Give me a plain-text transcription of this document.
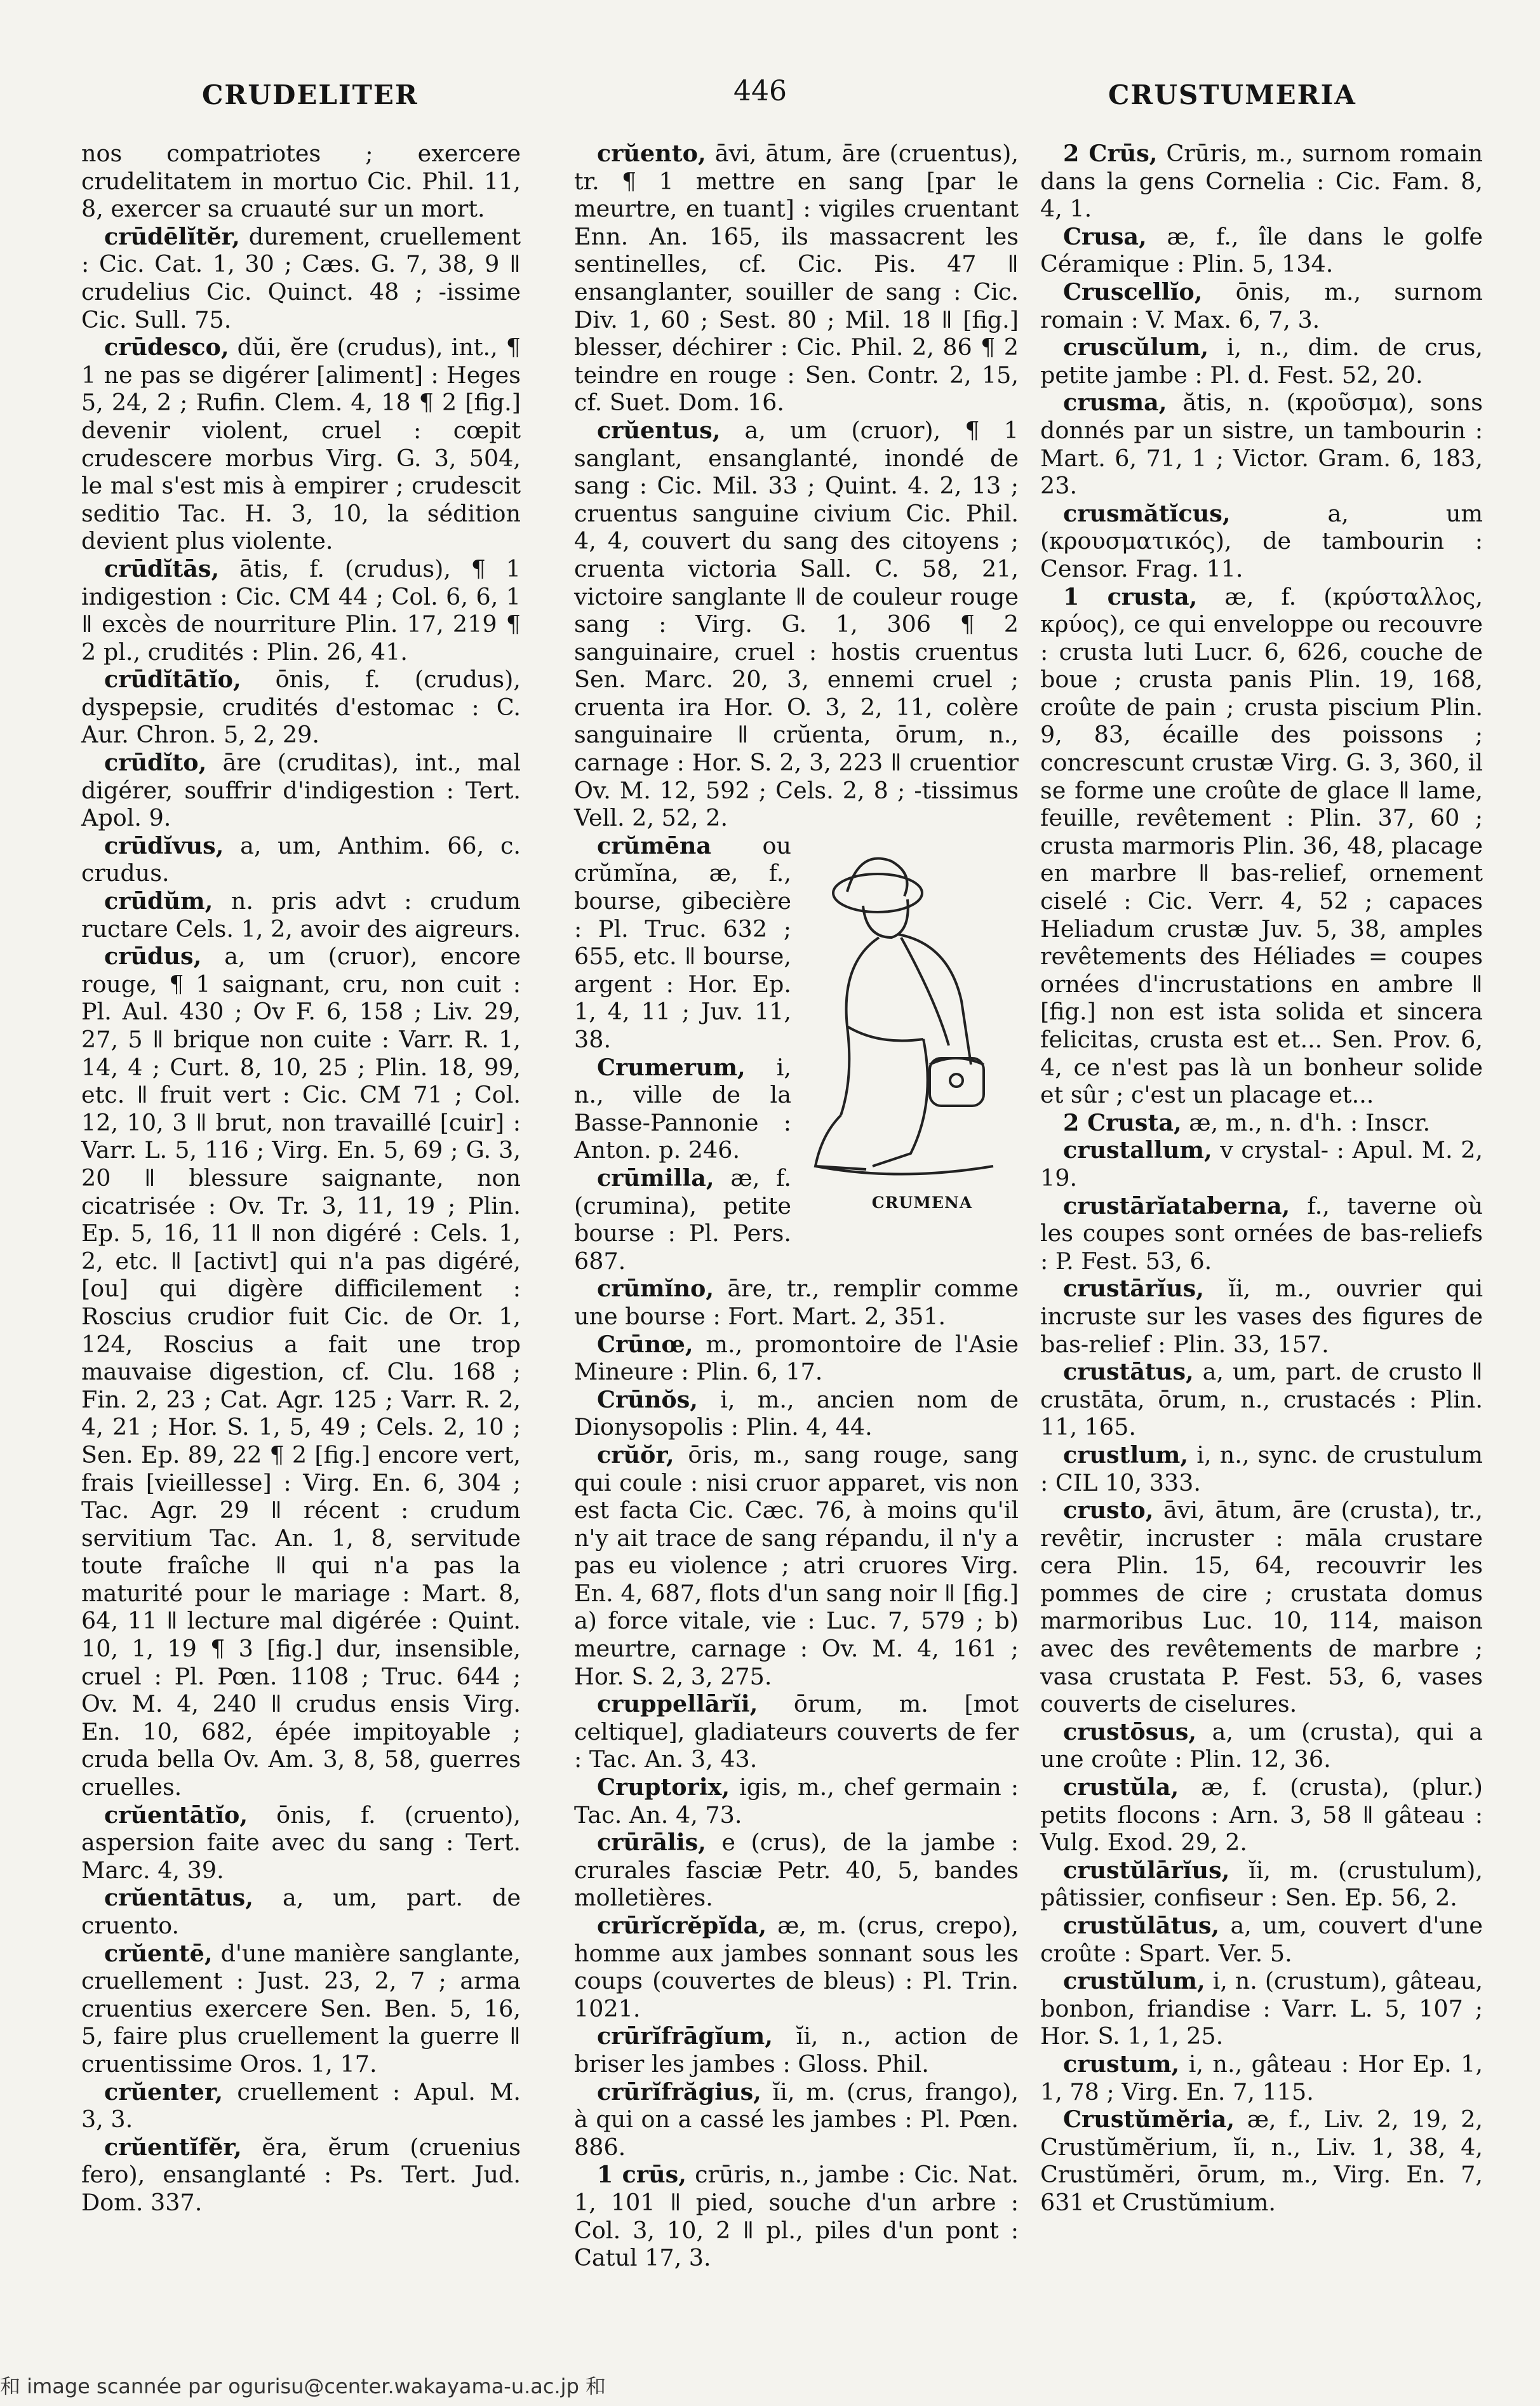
CRUDELITER	446	CRUSTUMERIA

nos compatriotes ; exercere crudelitatem in mortuo Cic. Phil. 11, 8, exercer sa cruauté sur un mort.

crūdēlĭtĕr, durement, cruellement : Cic. Cat. 1, 30 ; Cæs. G. 7, 38, 9 ǁ crudelius Cic. Quinct. 48 ; -issime Cic. Sull. 75.

crūdesco, dŭi, ĕre (crudus), int., ¶ 1 ne pas se digérer [aliment] : Heges 5, 24, 2 ; Rufin. Clem. 4, 18 ¶ 2 [fig.] devenir violent, cruel : cœpit crudescere morbus Virg. G. 3, 504, le mal s'est mis à empirer ; crudescit seditio Tac. H. 3, 10, la sédition devient plus violente.

crūdĭtās, ātis, f. (crudus), ¶ 1 indigestion : Cic. CM 44 ; Col. 6, 6, 1 ǁ excès de nourriture Plin. 17, 219 ¶ 2 pl., crudités : Plin. 26, 41.

crūdĭtātĭo, ōnis, f. (crudus), dyspepsie, crudités d'estomac : C. Aur. Chron. 5, 2, 29.

crūdĭto, āre (cruditas), int., mal digérer, souffrir d'indigestion : Tert. Apol. 9.

crūdĭvus, a, um, Anthim. 66, c. crudus.

crūdŭm, n. pris advt : crudum ructare Cels. 1, 2, avoir des aigreurs.

crūdus, a, um (cruor), encore rouge, ¶ 1 saignant, cru, non cuit : Pl. Aul. 430 ; Ov F. 6, 158 ; Liv. 29, 27, 5 ǁ brique non cuite : Varr. R. 1, 14, 4 ; Curt. 8, 10, 25 ; Plin. 18, 99, etc. ǁ fruit vert : Cic. CM 71 ; Col. 12, 10, 3 ǁ brut, non travaillé [cuir] : Varr. L. 5, 116 ; Virg. En. 5, 69 ; G. 3, 20 ǁ blessure saignante, non cicatrisée : Ov. Tr. 3, 11, 19 ; Plin. Ep. 5, 16, 11 ǁ non digéré : Cels. 1, 2, etc. ǁ [activt] qui n'a pas digéré, [ou] qui digère difficilement : Roscius crudior fuit Cic. de Or. 1, 124, Roscius a fait une trop mauvaise digestion, cf. Clu. 168 ; Fin. 2, 23 ; Cat. Agr. 125 ; Varr. R. 2, 4, 21 ; Hor. S. 1, 5, 49 ; Cels. 2, 10 ; Sen. Ep. 89, 22 ¶ 2 [fig.] encore vert, frais [vieillesse] : Virg. En. 6, 304 ; Tac. Agr. 29 ǁ récent : crudum servitium Tac. An. 1, 8, servitude toute fraîche ǁ qui n'a pas la maturité pour le mariage : Mart. 8, 64, 11 ǁ lecture mal digérée : Quint. 10, 1, 19 ¶ 3 [fig.] dur, insensible, cruel : Pl. Pœn. 1108 ; Truc. 644 ; Ov. M. 4, 240 ǁ crudus ensis Virg. En. 10, 682, épée impitoyable ; cruda bella Ov. Am. 3, 8, 58, guerres cruelles.

crŭentātĭo, ōnis, f. (cruento), aspersion faite avec du sang : Tert. Marc. 4, 39.

crŭentātus, a, um, part. de cruento.

crŭentē, d'une manière sanglante, cruellement : Just. 23, 2, 7 ; arma cruentius exercere Sen. Ben. 5, 16, 5, faire plus cruellement la guerre ǁ cruentissime Oros. 1, 17.

crŭenter, cruellement : Apul. M. 3, 3.

crŭentĭfĕr, ĕra, ĕrum (cruenius fero), ensanglanté : Ps. Tert. Jud. Dom. 337.

crŭento, āvi, ātum, āre (cruentus), tr. ¶ 1 mettre en sang [par le meurtre, en tuant] : vigiles cruentant Enn. An. 165, ils massacrent les sentinelles, cf. Cic. Pis. 47 ǁ ensanglanter, souiller de sang : Cic. Div. 1, 60 ; Sest. 80 ; Mil. 18 ǁ [fig.] blesser, déchirer : Cic. Phil. 2, 86 ¶ 2 teindre en rouge : Sen. Contr. 2, 15, cf. Suet. Dom. 16.

crŭentus, a, um (cruor), ¶ 1 sanglant, ensanglanté, inondé de sang : Cic. Mil. 33 ; Quint. 4. 2, 13 ; cruentus sanguine civium Cic. Phil. 4, 4, couvert du sang des citoyens ; cruenta victoria Sall. C. 58, 21, victoire sanglante ǁ de couleur rouge sang : Virg. G. 1, 306 ¶ 2 sanguinaire, cruel : hostis cruentus Sen. Marc. 20, 3, ennemi cruel ; cruenta ira Hor. O. 3, 2, 11, colère sanguinaire ǁ crŭenta, ōrum, n., carnage : Hor. S. 2, 3, 223 ǁ cruentior Ov. M. 12, 592 ; Cels. 2, 8 ; -tissimus Vell. 2, 52, 2.

CRUMENA
crŭmēna ou crŭmĭna, æ, f., bourse, gibecière : Pl. Truc. 632 ; 655, etc. ǁ bourse, argent : Hor. Ep. 1, 4, 11 ; Juv. 11, 38.

Crumerum, i, n., ville de la Basse-Pannonie : Anton. p. 246.

crūmilla, æ, f. (crumina), petite bourse : Pl. Pers. 687.

crūmĭno, āre, tr., remplir comme une bourse : Fort. Mart. 2, 351.

Crūnœ, m., promontoire de l'Asie Mineure : Plin. 6, 17.

Crūnŏs, i, m., ancien nom de Dionysopolis : Plin. 4, 44.

crŭŏr, ōris, m., sang rouge, sang qui coule : nisi cruor apparet, vis non est facta Cic. Cæc. 76, à moins qu'il n'y ait trace de sang répandu, il n'y a pas eu violence ; atri cruores Virg. En. 4, 687, flots d'un sang noir ǁ [fig.] a) force vitale, vie : Luc. 7, 579 ; b) meurtre, carnage : Ov. M. 4, 161 ; Hor. S. 2, 3, 275.

cruppellārĭi, ōrum, m. [mot celtique], gladiateurs couverts de fer : Tac. An. 3, 43.

Cruptorix, igis, m., chef germain : Tac. An. 4, 73.

crūrālis, e (crus), de la jambe : crurales fasciæ Petr. 40, 5, bandes molletières.

crūrĭcrĕpĭda, æ, m. (crus, crepo), homme aux jambes sonnant sous les coups (couvertes de bleus) : Pl. Trin. 1021.

crūrĭfrāgĭum, ĭi, n., action de briser les jambes : Gloss. Phil.

crūrĭfrăgius, ĭi, m. (crus, frango), à qui on a cassé les jambes : Pl. Pœn. 886.

1 crūs, crūris, n., jambe : Cic. Nat. 1, 101 ǁ pied, souche d'un arbre : Col. 3, 10, 2 ǁ pl., piles d'un pont : Catul 17, 3.

2 Crūs, Crūris, m., surnom romain dans la gens Cornelia : Cic. Fam. 8, 4, 1.

Crusa, æ, f., île dans le golfe Céramique : Plin. 5, 134.

Cruscellĭo, ōnis, m., surnom romain : V. Max. 6, 7, 3.

cruscŭlum, i, n., dim. de crus, petite jambe : Pl. d. Fest. 52, 20.

crusma, ătis, n. (κροῦσμα), sons donnés par un sistre, un tambourin : Mart. 6, 71, 1 ; Victor. Gram. 6, 183, 23.

crusmătĭcus, a, um (κρουσματικός), de tambourin : Censor. Frag. 11.

1 crusta, æ, f. (κρύσταλλος, κρύος), ce qui enveloppe ou recouvre : crusta luti Lucr. 6, 626, couche de boue ; crusta panis Plin. 19, 168, croûte de pain ; crusta piscium Plin. 9, 83, écaille des poissons ; concrescunt crustæ Virg. G. 3, 360, il se forme une croûte de glace ǁ lame, feuille, revêtement : Plin. 37, 60 ; crusta marmoris Plin. 36, 48, placage en marbre ǁ bas-relief, ornement ciselé : Cic. Verr. 4, 52 ; capaces Heliadum crustæ Juv. 5, 38, amples revêtements des Héliades = coupes ornées d'incrustations en ambre ǁ [fig.] non est ista solida et sincera felicitas, crusta est et... Sen. Prov. 6, 4, ce n'est pas là un bonheur solide et sûr ; c'est un placage et...

2 Crusta, æ, m., n. d'h. : Inscr.

crustallum, v crystal- : Apul. M. 2, 19.

crustārĭataberna, f., taverne où les coupes sont ornées de bas-reliefs : P. Fest. 53, 6.

crustārĭus, ĭi, m., ouvrier qui incruste sur les vases des figures de bas-relief : Plin. 33, 157.

crustātus, a, um, part. de crusto ǁ crustāta, ōrum, n., crustacés : Plin. 11, 165.

crustlum, i, n., sync. de crustulum : CIL 10, 333.

crusto, āvi, ātum, āre (crusta), tr., revêtir, incruster : māla crustare cera Plin. 15, 64, recouvrir les pommes de cire ; crustata domus marmoribus Luc. 10, 114, maison avec des revêtements de marbre ; vasa crustata P. Fest. 53, 6, vases couverts de ciselures.

crustōsus, a, um (crusta), qui a une croûte : Plin. 12, 36.

crustŭla, æ, f. (crusta), (plur.) petits flocons : Arn. 3, 58 ǁ gâteau : Vulg. Exod. 29, 2.

crustŭlārĭus, ĭi, m. (crustulum), pâtissier, confiseur : Sen. Ep. 56, 2.

crustŭlātus, a, um, couvert d'une croûte : Spart. Ver. 5.

crustŭlum, i, n. (crustum), gâteau, bonbon, friandise : Varr. L. 5, 107 ; Hor. S. 1, 1, 25.

crustum, i, n., gâteau : Hor Ep. 1, 1, 78 ; Virg. En. 7, 115.

Crustŭmĕria, æ, f., Liv. 2, 19, 2, Crustŭmĕrium, ĭi, n., Liv. 1, 38, 4, Crustŭmĕri, ōrum, m., Virg. En. 7, 631 et Crustŭmium.

和 image scannée par ogurisu@center.wakayama-u.ac.jp 和
